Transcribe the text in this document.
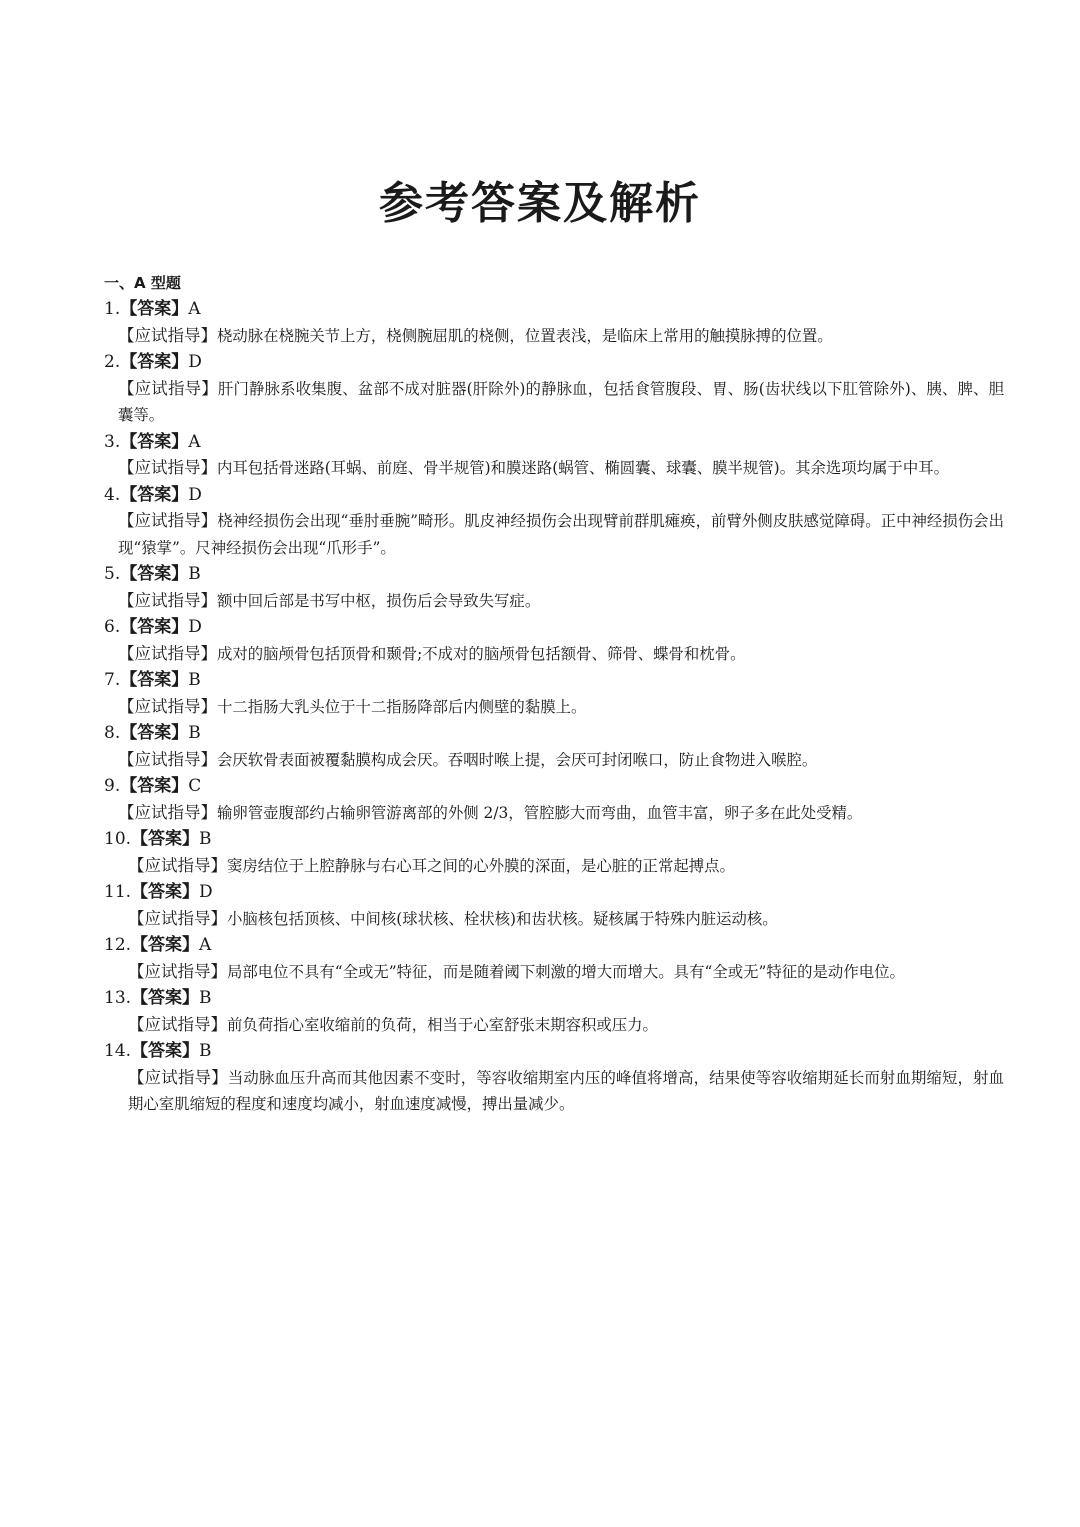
参考答案及解析
一、A 型题
1.【答案】A
【应试指导】桡动脉在桡腕关节上方，桡侧腕屈肌的桡侧，位置表浅，是临床上常用的触摸脉搏的位置。
2.【答案】D
【应试指导】肝门静脉系收集腹、盆部不成对脏器(肝除外)的静脉血，包括食管腹段、胃、肠(齿状线以下肛管除外)、胰、脾、胆囊等。
3.【答案】A
【应试指导】内耳包括骨迷路(耳蜗、前庭、骨半规管)和膜迷路(蜗管、椭圆囊、球囊、膜半规管)。其余选项均属于中耳。
4.【答案】D
【应试指导】桡神经损伤会出现“垂肘垂腕”畸形。肌皮神经损伤会出现臂前群肌瘫痪，前臂外侧皮肤感觉障碍。正中神经损伤会出现“猿掌”。尺神经损伤会出现“爪形手”。
5.【答案】B
【应试指导】额中回后部是书写中枢，损伤后会导致失写症。
6.【答案】D
【应试指导】成对的脑颅骨包括顶骨和颞骨;不成对的脑颅骨包括额骨、筛骨、蝶骨和枕骨。
7.【答案】B
【应试指导】十二指肠大乳头位于十二指肠降部后内侧壁的黏膜上。
8.【答案】B
【应试指导】会厌软骨表面被覆黏膜构成会厌。吞咽时喉上提，会厌可封闭喉口，防止食物进入喉腔。
9.【答案】C
【应试指导】输卵管壶腹部约占输卵管游离部的外侧 2/3，管腔膨大而弯曲，血管丰富，卵子多在此处受精。
10.【答案】B
【应试指导】窦房结位于上腔静脉与右心耳之间的心外膜的深面，是心脏的正常起搏点。
11.【答案】D
【应试指导】小脑核包括顶核、中间核(球状核、栓状核)和齿状核。疑核属于特殊内脏运动核。
12.【答案】A
【应试指导】局部电位不具有“全或无”特征，而是随着阈下刺激的增大而增大。具有“全或无”特征的是动作电位。
13.【答案】B
【应试指导】前负荷指心室收缩前的负荷，相当于心室舒张末期容积或压力。
14.【答案】B
【应试指导】当动脉血压升高而其他因素不变时，等容收缩期室内压的峰值将增高，结果使等容收缩期延长而射血期缩短，射血期心室肌缩短的程度和速度均减小，射血速度减慢，搏出量减少。
